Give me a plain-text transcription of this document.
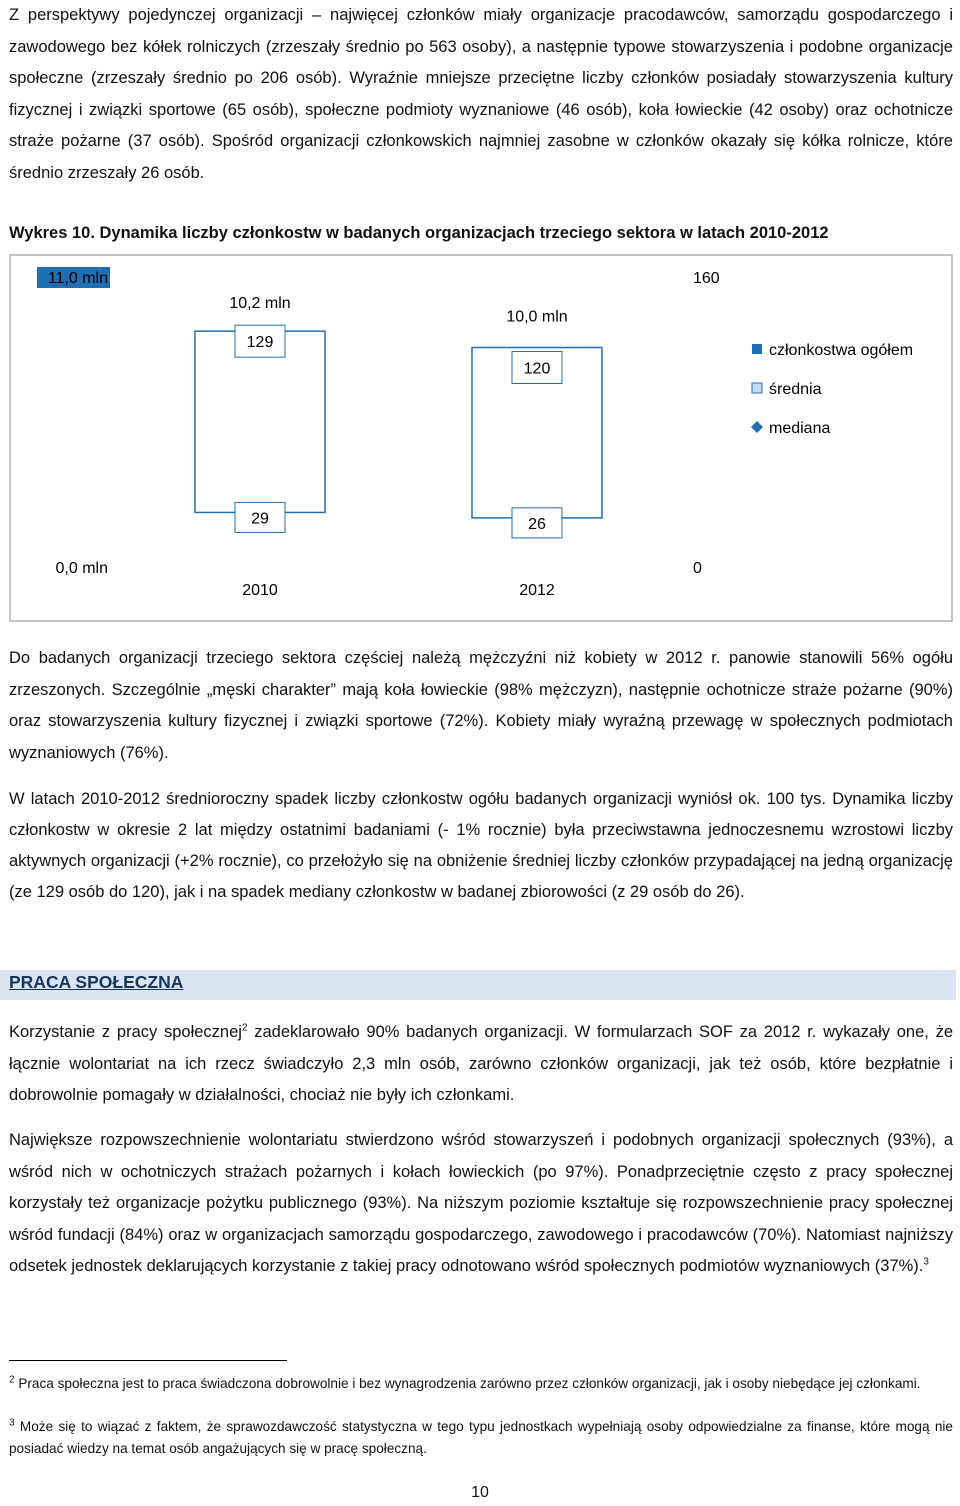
Z perspektywy pojedynczej organizacji – najwięcej członków miały organizacje pracodawców, samorządu gospodarczego i zawodowego bez kółek rolniczych (zrzeszały średnio po 563 osoby), a następnie typowe stowarzyszenia i podobne organizacje społeczne (zrzeszały średnio po 206 osób). Wyraźnie mniejsze przeciętne liczby członków posiadały stowarzyszenia kultury fizycznej i związki sportowe (65 osób), społeczne podmioty wyznaniowe (46 osób), koła łowieckie (42 osoby) oraz ochotnicze straże pożarne (37 osób). Spośród organizacji członkowskich najmniej zasobne w członków okazały się kółka rolnicze, które średnio zrzeszały 26 osób.

Wykres 10. Dynamika liczby członkostw w badanych organizacjach trzeciego sektora w latach 2010-2012

11,0 mln
0,0 mln
160
0
10,2 mln
129
29
2010
10,0 mln
120
26
2012
członkostwa ogółem
średnia
mediana

Do badanych organizacji trzeciego sektora częściej należą mężczyźni niż kobiety w 2012 r. panowie stanowili 56% ogółu zrzeszonych. Szczególnie „męski charakter” mają koła łowieckie (98% mężczyzn), następnie ochotnicze straże pożarne (90%) oraz stowarzyszenia kultury fizycznej i związki sportowe (72%). Kobiety miały wyraźną przewagę w społecznych podmiotach wyznaniowych (76%).

W latach 2010-2012 średnioroczny spadek liczby członkostw ogółu badanych organizacji wyniósł ok. 100 tys. Dynamika liczby członkostw w okresie 2 lat między ostatnimi badaniami (- 1% rocznie) była przeciwstawna jednoczesnemu wzrostowi liczby aktywnych organizacji (+2% rocznie), co przełożyło się na obniżenie średniej liczby członków przypadającej na jedną organizację (ze 129 osób do 120), jak i na spadek mediany członkostw w badanej zbiorowości (z 29 osób do 26).

PRACA SPOŁECZNA

Korzystanie z pracy społecznej$^2$ zadeklarowało 90% badanych organizacji. W formularzach SOF za 2012 r. wykazały one, że łącznie wolontariat na ich rzecz świadczyło 2,3 mln osób, zarówno członków organizacji, jak też osób, które bezpłatnie i dobrowolnie pomagały w działalności, chociaż nie były ich członkami.

Największe rozpowszechnienie wolontariatu stwierdzono wśród stowarzyszeń i podobnych organizacji społecznych (93%), a wśród nich w ochotniczych strażach pożarnych i kołach łowieckich (po 97%). Ponadprzeciętnie często z pracy społecznej korzystały też organizacje pożytku publicznego (93%). Na niższym poziomie kształtuje się rozpowszechnienie pracy społecznej wśród fundacji (84%) oraz w organizacjach samorządu gospodarczego, zawodowego i pracodawców (70%). Natomiast najniższy odsetek jednostek deklarujących korzystanie z takiej pracy odnotowano wśród społecznych podmiotów wyznaniowych (37%).$^3$

$^2$ Praca społeczna jest to praca świadczona dobrowolnie i bez wynagrodzenia zarówno przez członków organizacji, jak i osoby niebędące jej członkami.

$^3$ Może się to wiązać z faktem, że sprawozdawczość statystyczna w tego typu jednostkach wypełniają osoby odpowiedzialne za finanse, które mogą nie posiadać wiedzy na temat osób angażujących się w pracę społeczną.

10
